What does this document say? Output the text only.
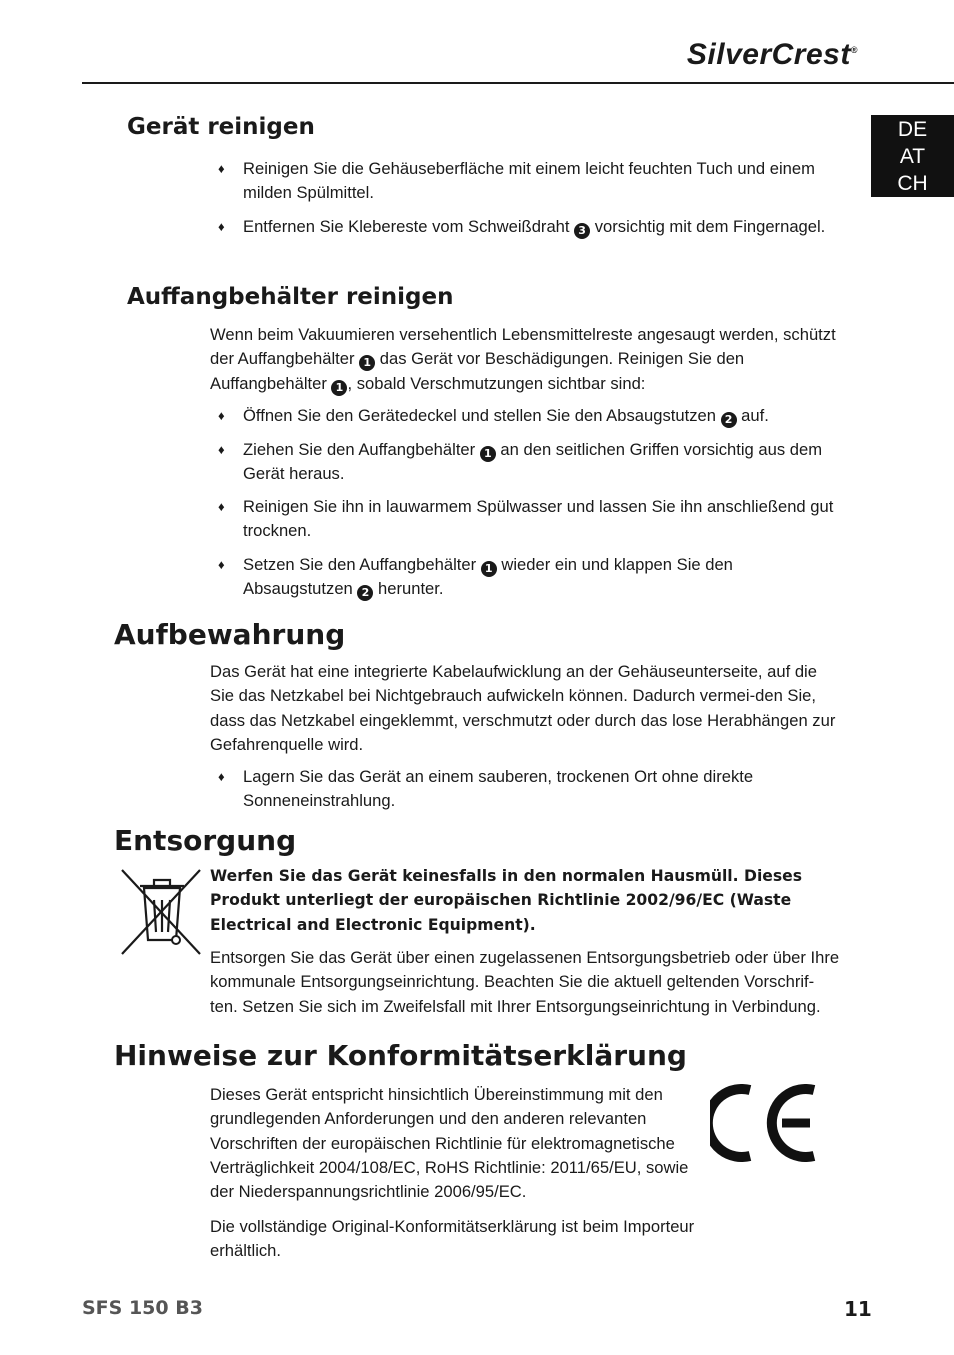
SilverCrest®
DE
AT
CH
Gerät reinigen
♦	Reinigen Sie die Gehäuseberfläche mit einem leicht feuchten Tuch und einem milden Spülmittel.
♦	Entfernen Sie Klebereste vom Schweißdraht 3 vorsichtig mit dem Fingernagel.
Auffangbehälter reinigen

Wenn beim Vakuumieren versehentlich Lebensmittelreste angesaugt werden, schützt der Auffangbehälter 1 das Gerät vor Beschädigungen. Reinigen Sie den Auffangbehälter 1 , sobald Verschmutzungen sichtbar sind:

♦	Öffnen Sie den Gerätedeckel und stellen Sie den Absaugstutzen 2 auf.
♦	Ziehen Sie den Auffangbehälter 1 an den seitlichen Griffen vorsichtig aus dem Gerät heraus.
♦	Reinigen Sie ihn in lauwarmem Spülwasser und lassen Sie ihn anschließend gut trocknen.
♦	Setzen Sie den Auffangbehälter 1 wieder ein und klappen Sie den Absaugstutzen 2 herunter.
Aufbewahrung

Das Gerät hat eine integrierte Kabelaufwicklung an der Gehäuseunterseite, auf die Sie das Netzkabel bei Nichtgebrauch aufwickeln können. Dadurch vermei-den Sie, dass das Netzkabel eingeklemmt, verschmutzt oder durch das lose Herabhängen zur Gefahrenquelle wird.

♦	Lagern Sie das Gerät an einem sauberen, trockenen Ort ohne direkte Sonneneinstrahlung.
Entsorgung

Werfen Sie das Gerät keinesfalls in den normalen Hausmüll. Dieses Produkt unterliegt der europäischen Richtlinie 2002/96/EC (Waste Electrical and Electronic Equipment).

Entsorgen Sie das Gerät über einen zugelassenen Entsorgungsbetrieb oder über Ihre kommunale Entsorgungseinrichtung. Beachten Sie die aktuell geltenden Vorschrif-ten. Setzen Sie sich im Zweifelsfall mit Ihrer Entsorgungseinrichtung in Verbindung.

Hinweise zur Konformitätserklärung

Dieses Gerät entspricht hinsichtlich Übereinstimmung mit den grundlegenden Anforderungen und den anderen relevanten Vorschriften der europäischen Richtlinie für elektromagnetische Verträglichkeit 2004/108/EC, RoHS Richtlinie: 2011/65/EU, sowie der Niederspannungsrichtlinie 2006/95/EC.

Die vollständige Original-Konformitätserklärung ist beim Importeur erhältlich.

SFS 150 B3	11
